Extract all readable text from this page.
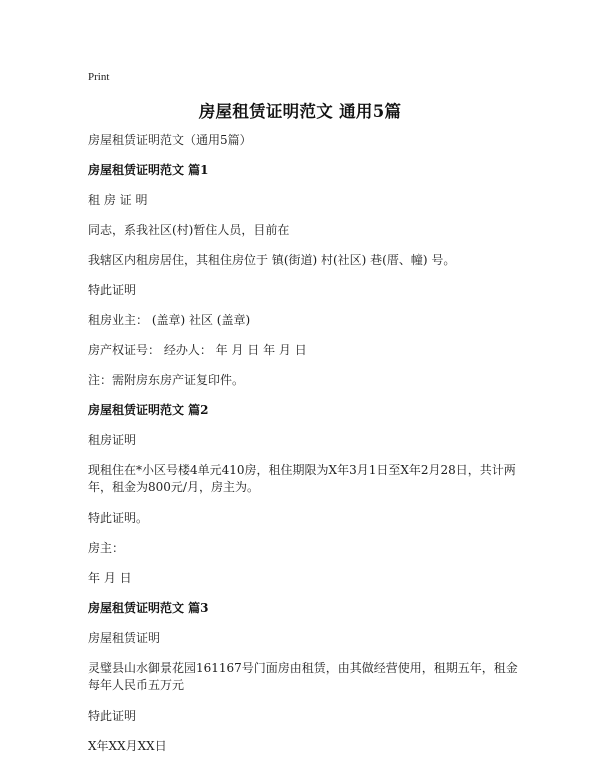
Print
房屋租赁证明范文 通用5篇

房屋租赁证明范文（通用5篇）

房屋租赁证明范文 篇1

租 房 证 明

同志，系我社区(村)暂住人员，目前在

我辖区内租房居住，其租住房位于 镇(街道) 村(社区) 巷(厝、幢) 号。

特此证明

租房业主： (盖章) 社区 (盖章)

房产权证号： 经办人： 年 月 日 年 月 日

注：需附房东房产证复印件。

房屋租赁证明范文 篇2

租房证明

现租住在*小区号楼4单元410房，租住期限为X年3月1日至X年2月28日，共计两年，租金为800元/月，房主为。

特此证明。

房主：

年 月 日

房屋租赁证明范文 篇3

房屋租赁证明

灵璧县山水御景花园161167号门面房由租赁，由其做经营使用，租期五年，租金每年人民币五万元

特此证明

X年XX月XX日
